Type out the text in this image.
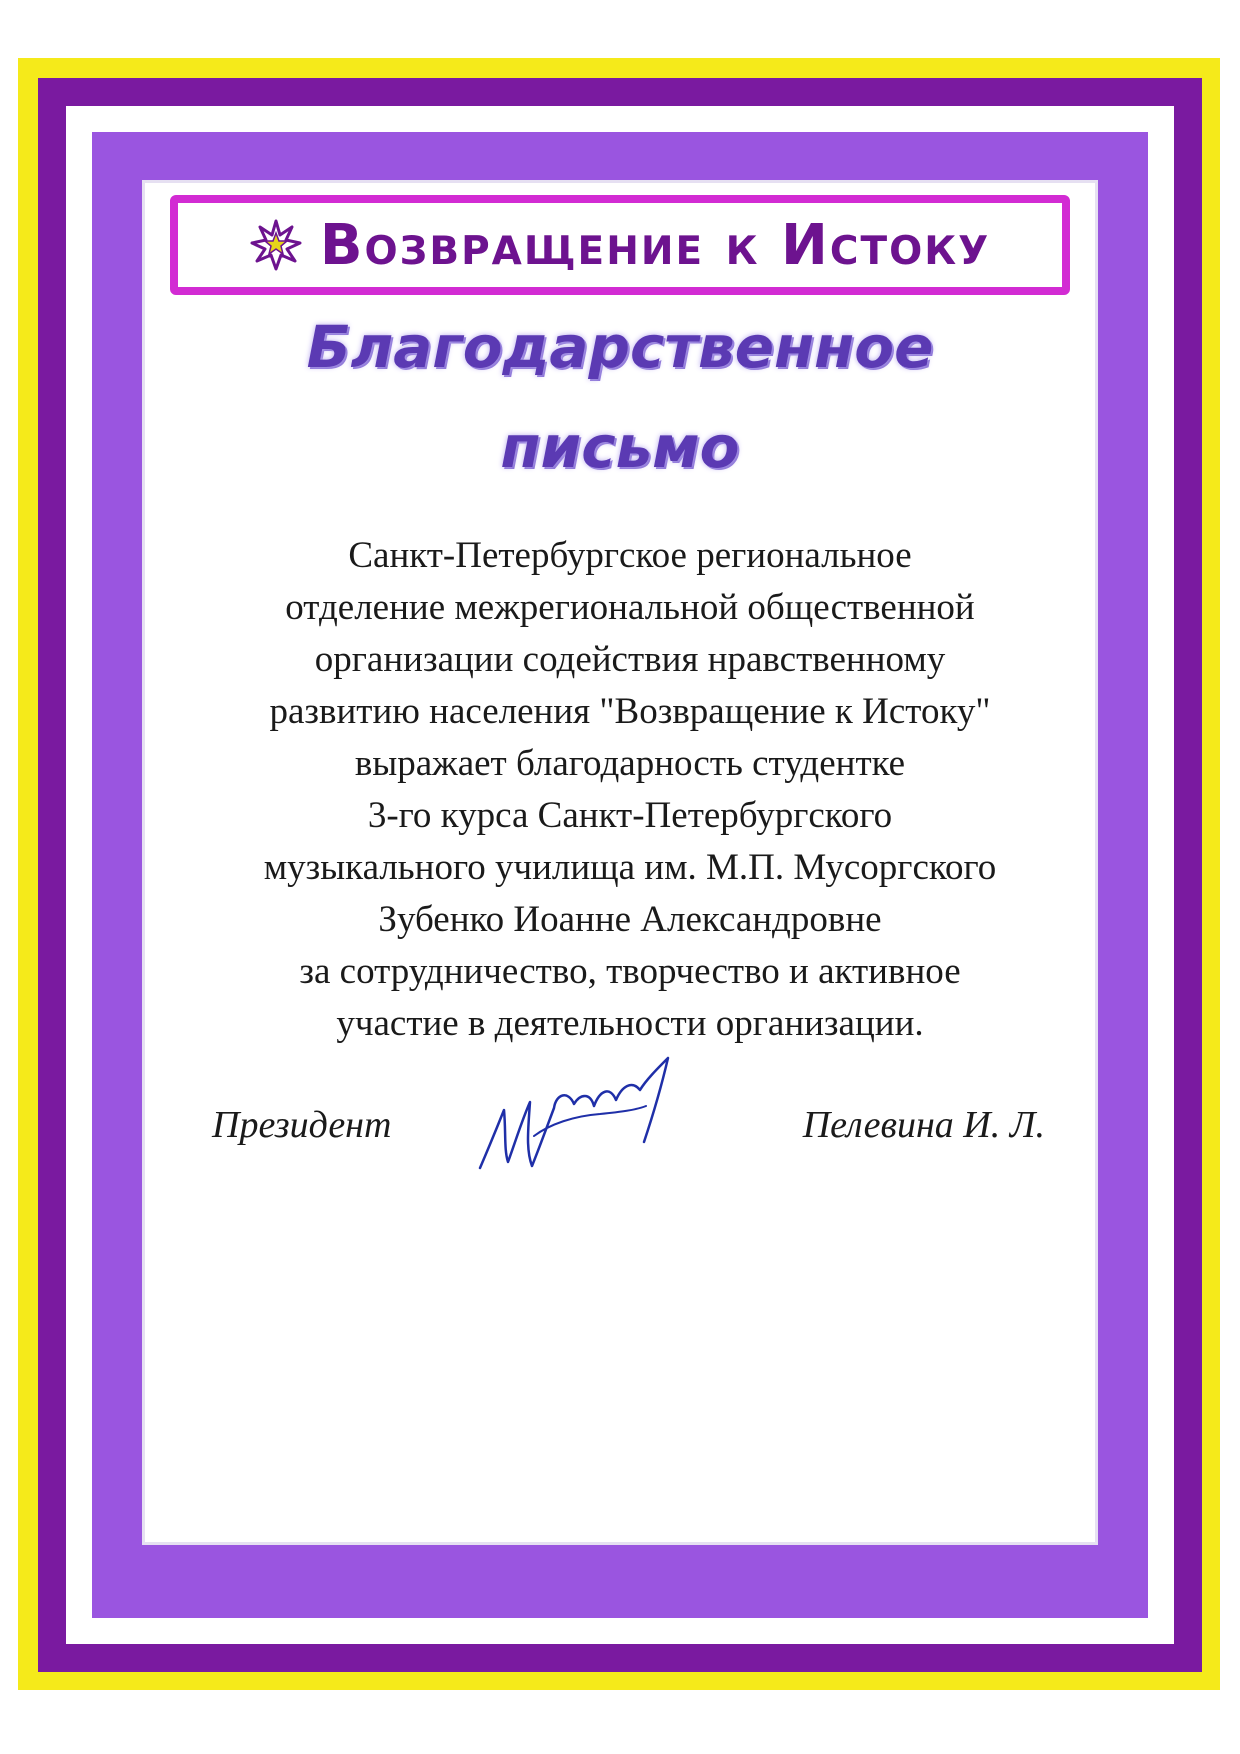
Возвращение к Истоку
Благодарственное
письмо
Санкт-Петербургское региональное
отделение межрегиональной общественной
организации содействия нравственному
развитию населения "Возвращение к Истоку"
выражает благодарность студентке
3-го курса Санкт-Петербургского
музыкального училища им. М.П. Мусоргского
Зубенко Иоанне Александровне
за сотрудничество, творчество и активное
участие в деятельности организации.
Президент	Пелевина И. Л.
